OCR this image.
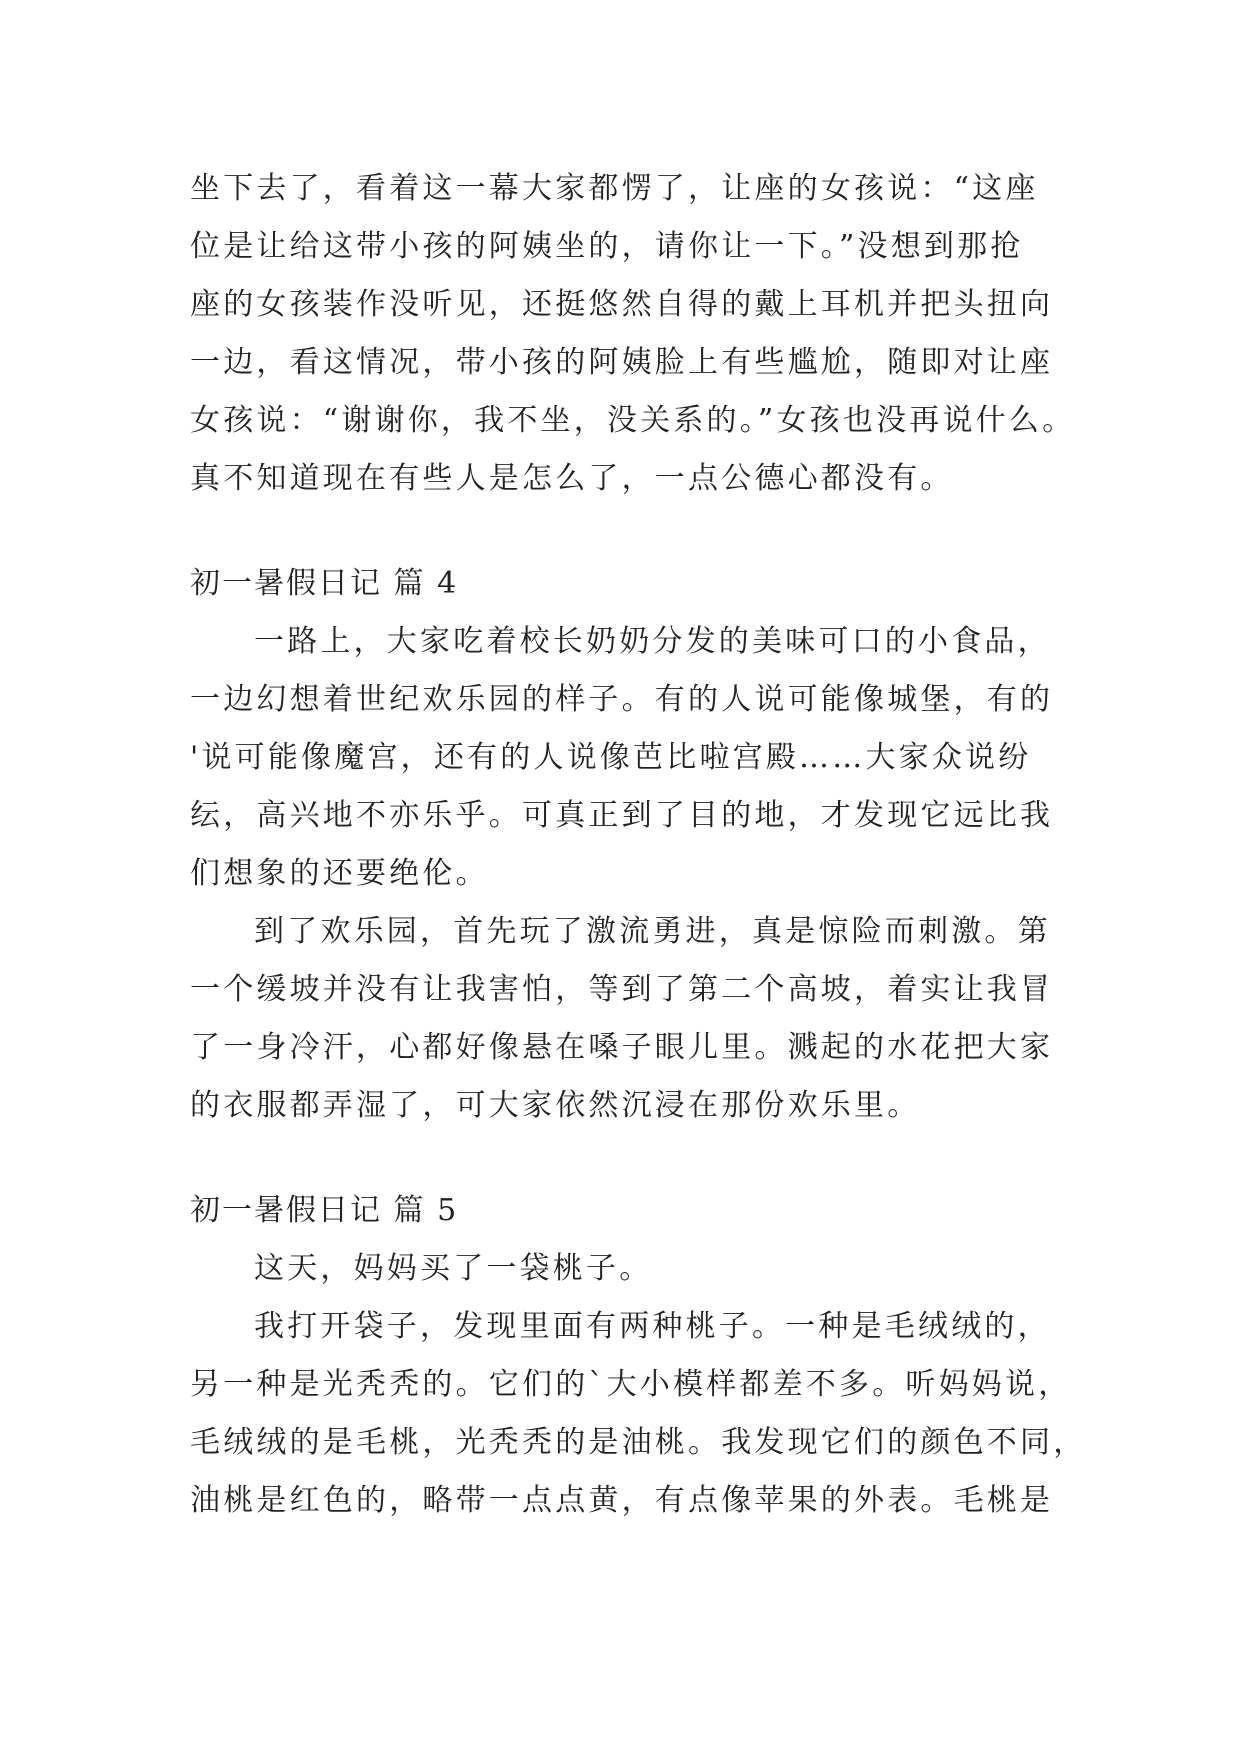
坐下去了，看着这一幕大家都愣了，让座的女孩说：“这座
位是让给这带小孩的阿姨坐的，请你让一下。”没想到那抢
座的女孩装作没听见，还挺悠然自得的戴上耳机并把头扭向
一边，看这情况，带小孩的阿姨脸上有些尴尬，随即对让座
女孩说：“谢谢你，我不坐，没关系的。”女孩也没再说什么。
真不知道现在有些人是怎么了，一点公德心都没有。
初一暑假日记 篇 4
一路上，大家吃着校长奶奶分发的美味可口的小食品，
一边幻想着世纪欢乐园的样子。有的人说可能像城堡，有的
'说可能像魔宫，还有的人说像芭比啦宫殿……大家众说纷
纭，高兴地不亦乐乎。可真正到了目的地，才发现它远比我
们想象的还要绝伦。
到了欢乐园，首先玩了激流勇进，真是惊险而刺激。第
一个缓坡并没有让我害怕，等到了第二个高坡，着实让我冒
了一身冷汗，心都好像悬在嗓子眼儿里。溅起的水花把大家
的衣服都弄湿了，可大家依然沉浸在那份欢乐里。
初一暑假日记 篇 5
这天，妈妈买了一袋桃子。
我打开袋子，发现里面有两种桃子。一种是毛绒绒的，
另一种是光秃秃的。它们的`大小模样都差不多。听妈妈说，
毛绒绒的是毛桃，光秃秃的是油桃。我发现它们的颜色不同，
油桃是红色的，略带一点点黄，有点像苹果的外表。毛桃是
